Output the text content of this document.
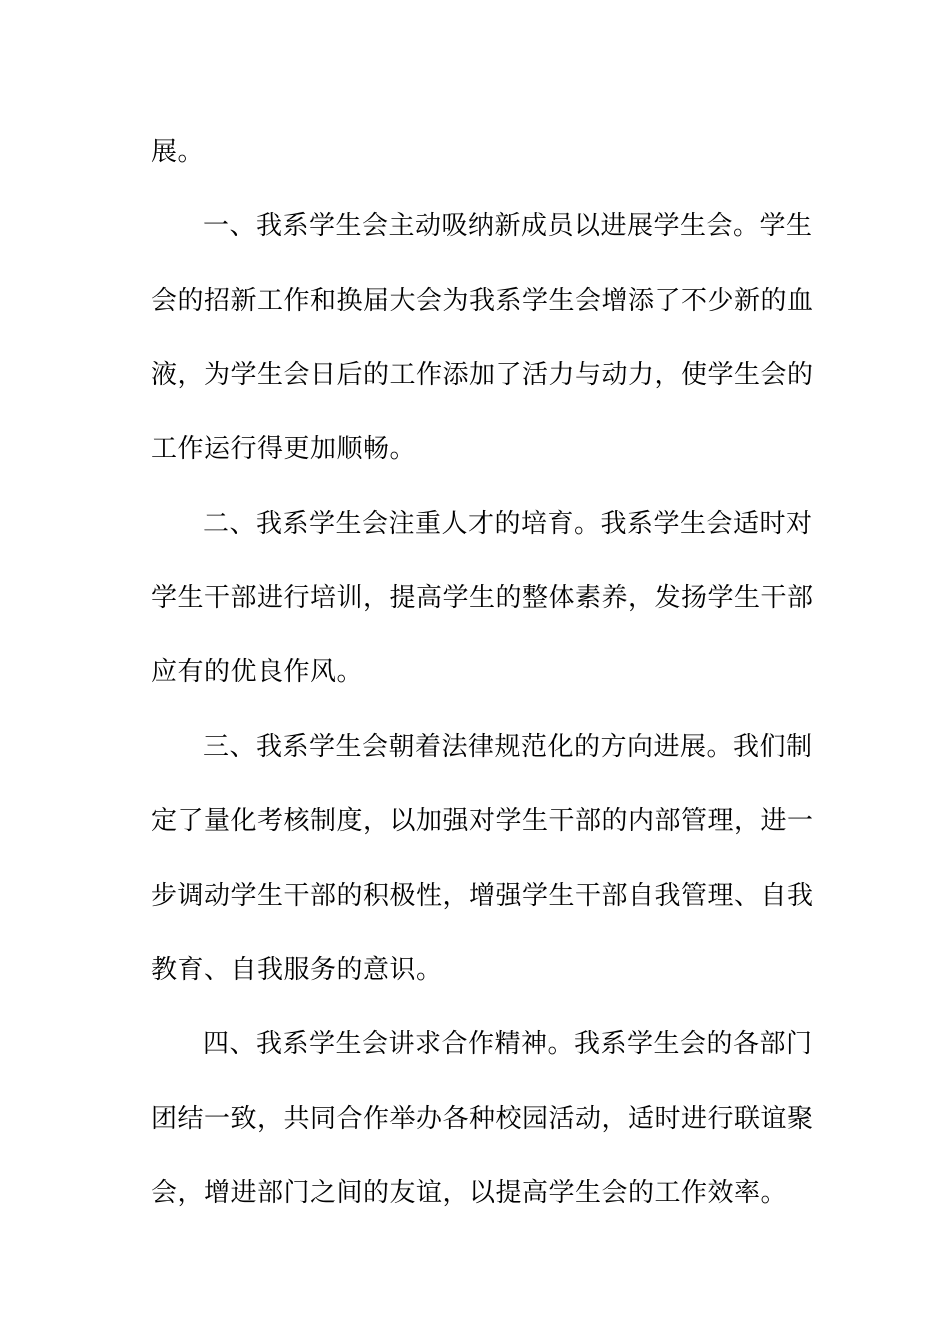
展。
一、我系学生会主动吸纳新成员以进展学生会。学生
会的招新工作和换届大会为我系学生会增添了不少新的血
液，为学生会日后的工作添加了活力与动力，使学生会的
工作运行得更加顺畅。
二、我系学生会注重人才的培育。我系学生会适时对
学生干部进行培训，提高学生的整体素养，发扬学生干部
应有的优良作风。
三、我系学生会朝着法律规范化的方向进展。我们制
定了量化考核制度，以加强对学生干部的内部管理，进一
步调动学生干部的积极性，增强学生干部自我管理、自我
教育、自我服务的意识。
四、我系学生会讲求合作精神。我系学生会的各部门
团结一致，共同合作举办各种校园活动，适时进行联谊聚
会，增进部门之间的友谊，以提高学生会的工作效率。
